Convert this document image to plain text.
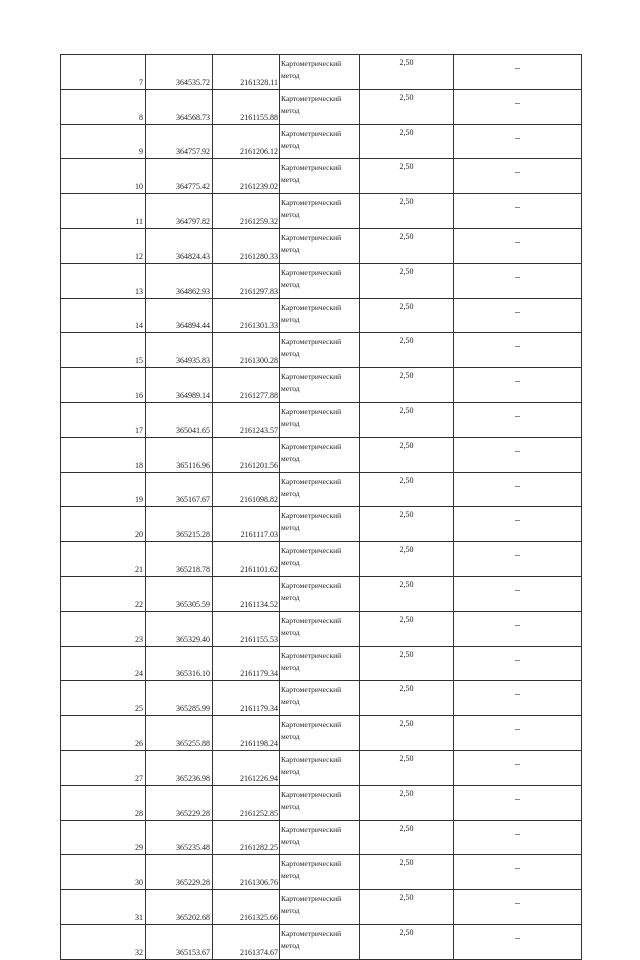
7	364535.72	2161328.11	Картометрический метод	2,50	_
8	364568.73	2161155.88	Картометрический метод	2,50	_
9	364757.92	2161206.12	Картометрический метод	2,50	_
10	364775.42	2161239.02	Картометрический метод	2,50	_
11	364797.82	2161259.32	Картометрический метод	2,50	_
12	364824.43	2161280.33	Картометрический метод	2,50	_
13	364862.93	2161297.83	Картометрический метод	2,50	_
14	364894.44	2161301.33	Картометрический метод	2,50	_
15	364935.83	2161300.28	Картометрический метод	2,50	_
16	364989.14	2161277.88	Картометрический метод	2,50	_
17	365041.65	2161243.57	Картометрический метод	2,50	_
18	365116.96	2161201.56	Картометрический метод	2,50	_
19	365167.67	2161098.82	Картометрический метод	2,50	_
20	365215.28	2161117.03	Картометрический метод	2,50	_
21	365218.78	2161101.62	Картометрический метод	2,50	_
22	365305.59	2161134.52	Картометрический метод	2,50	_
23	365329.40	2161155.53	Картометрический метод	2,50	_
24	365316.10	2161179.34	Картометрический метод	2,50	_
25	365285.99	2161179.34	Картометрический метод	2,50	_
26	365255.88	2161198.24	Картометрический метод	2,50	_
27	365236.98	2161226.94	Картометрический метод	2,50	_
28	365229.28	2161252.85	Картометрический метод	2,50	_
29	365235.48	2161282.25	Картометрический метод	2,50	_
30	365229.28	2161306.76	Картометрический метод	2,50	_
31	365202.68	2161325.66	Картометрический метод	2,50	_
32	365153.67	2161374.67	Картометрический метод	2,50	_
